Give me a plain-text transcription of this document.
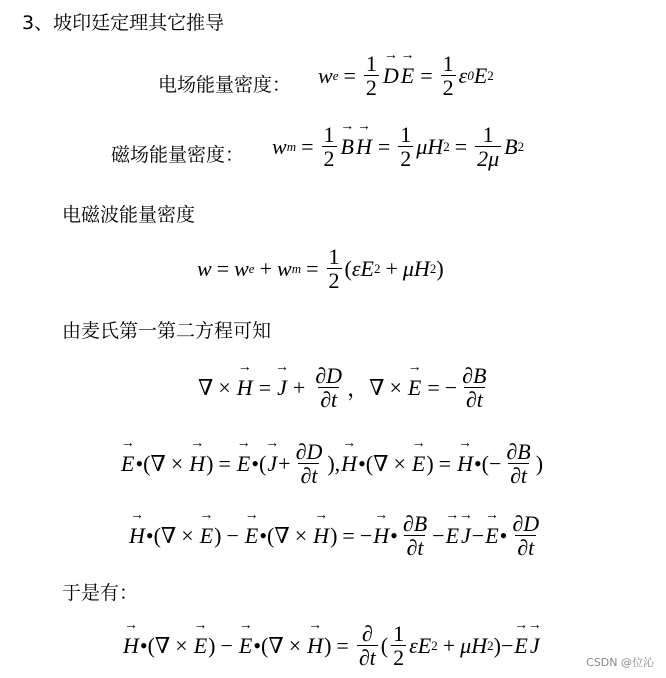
3、坡印廷定理其它推导
电场能量密度： w $e = \frac{1}{2}$
→ D
→ $E = \frac{1}{2}$ ε 0 E 2
磁场能量密度： w $m = \frac{1}{2}$
→ B
→ $H = \frac{1}{2}$ μ H $2 = \frac{1}{2\mu}$ B 2
电磁波能量密度
w = w e + w $m = \frac{1}{2}$ ( ε E 2 + μ H 2 )
由麦氏第一第二方程可知
∇ ×
→ H =
→ $J + \frac{\partial D}{\partial t}$ ， ∇ ×
→ E = − $\frac{\partial B}{\partial t}$
→ E •(∇ ×
→ H ) =
→ E •(
→ $J + \frac{\partial D}{\partial t}$ ) ,
→ H •(∇ ×
→ E ) =
→ H •(− $\frac{\partial B}{\partial t}$ )
→ H •(∇ ×
→ E ) −
→ E •(∇ ×
→ H ) = −
→ H • $\frac{\partial B}{\partial t}$ −
→ E
→ J −
→ E • $\frac{\partial D}{\partial t}$
于是有：
→ H •(∇ ×
→ E ) −
→ E •(∇ ×
→ H ) = $\frac{\partial}{\partial t}$ ( $\frac{1}{2}$ ε E 2 + μ H 2 ) −
→ E
→ J
CSDN @位沁
